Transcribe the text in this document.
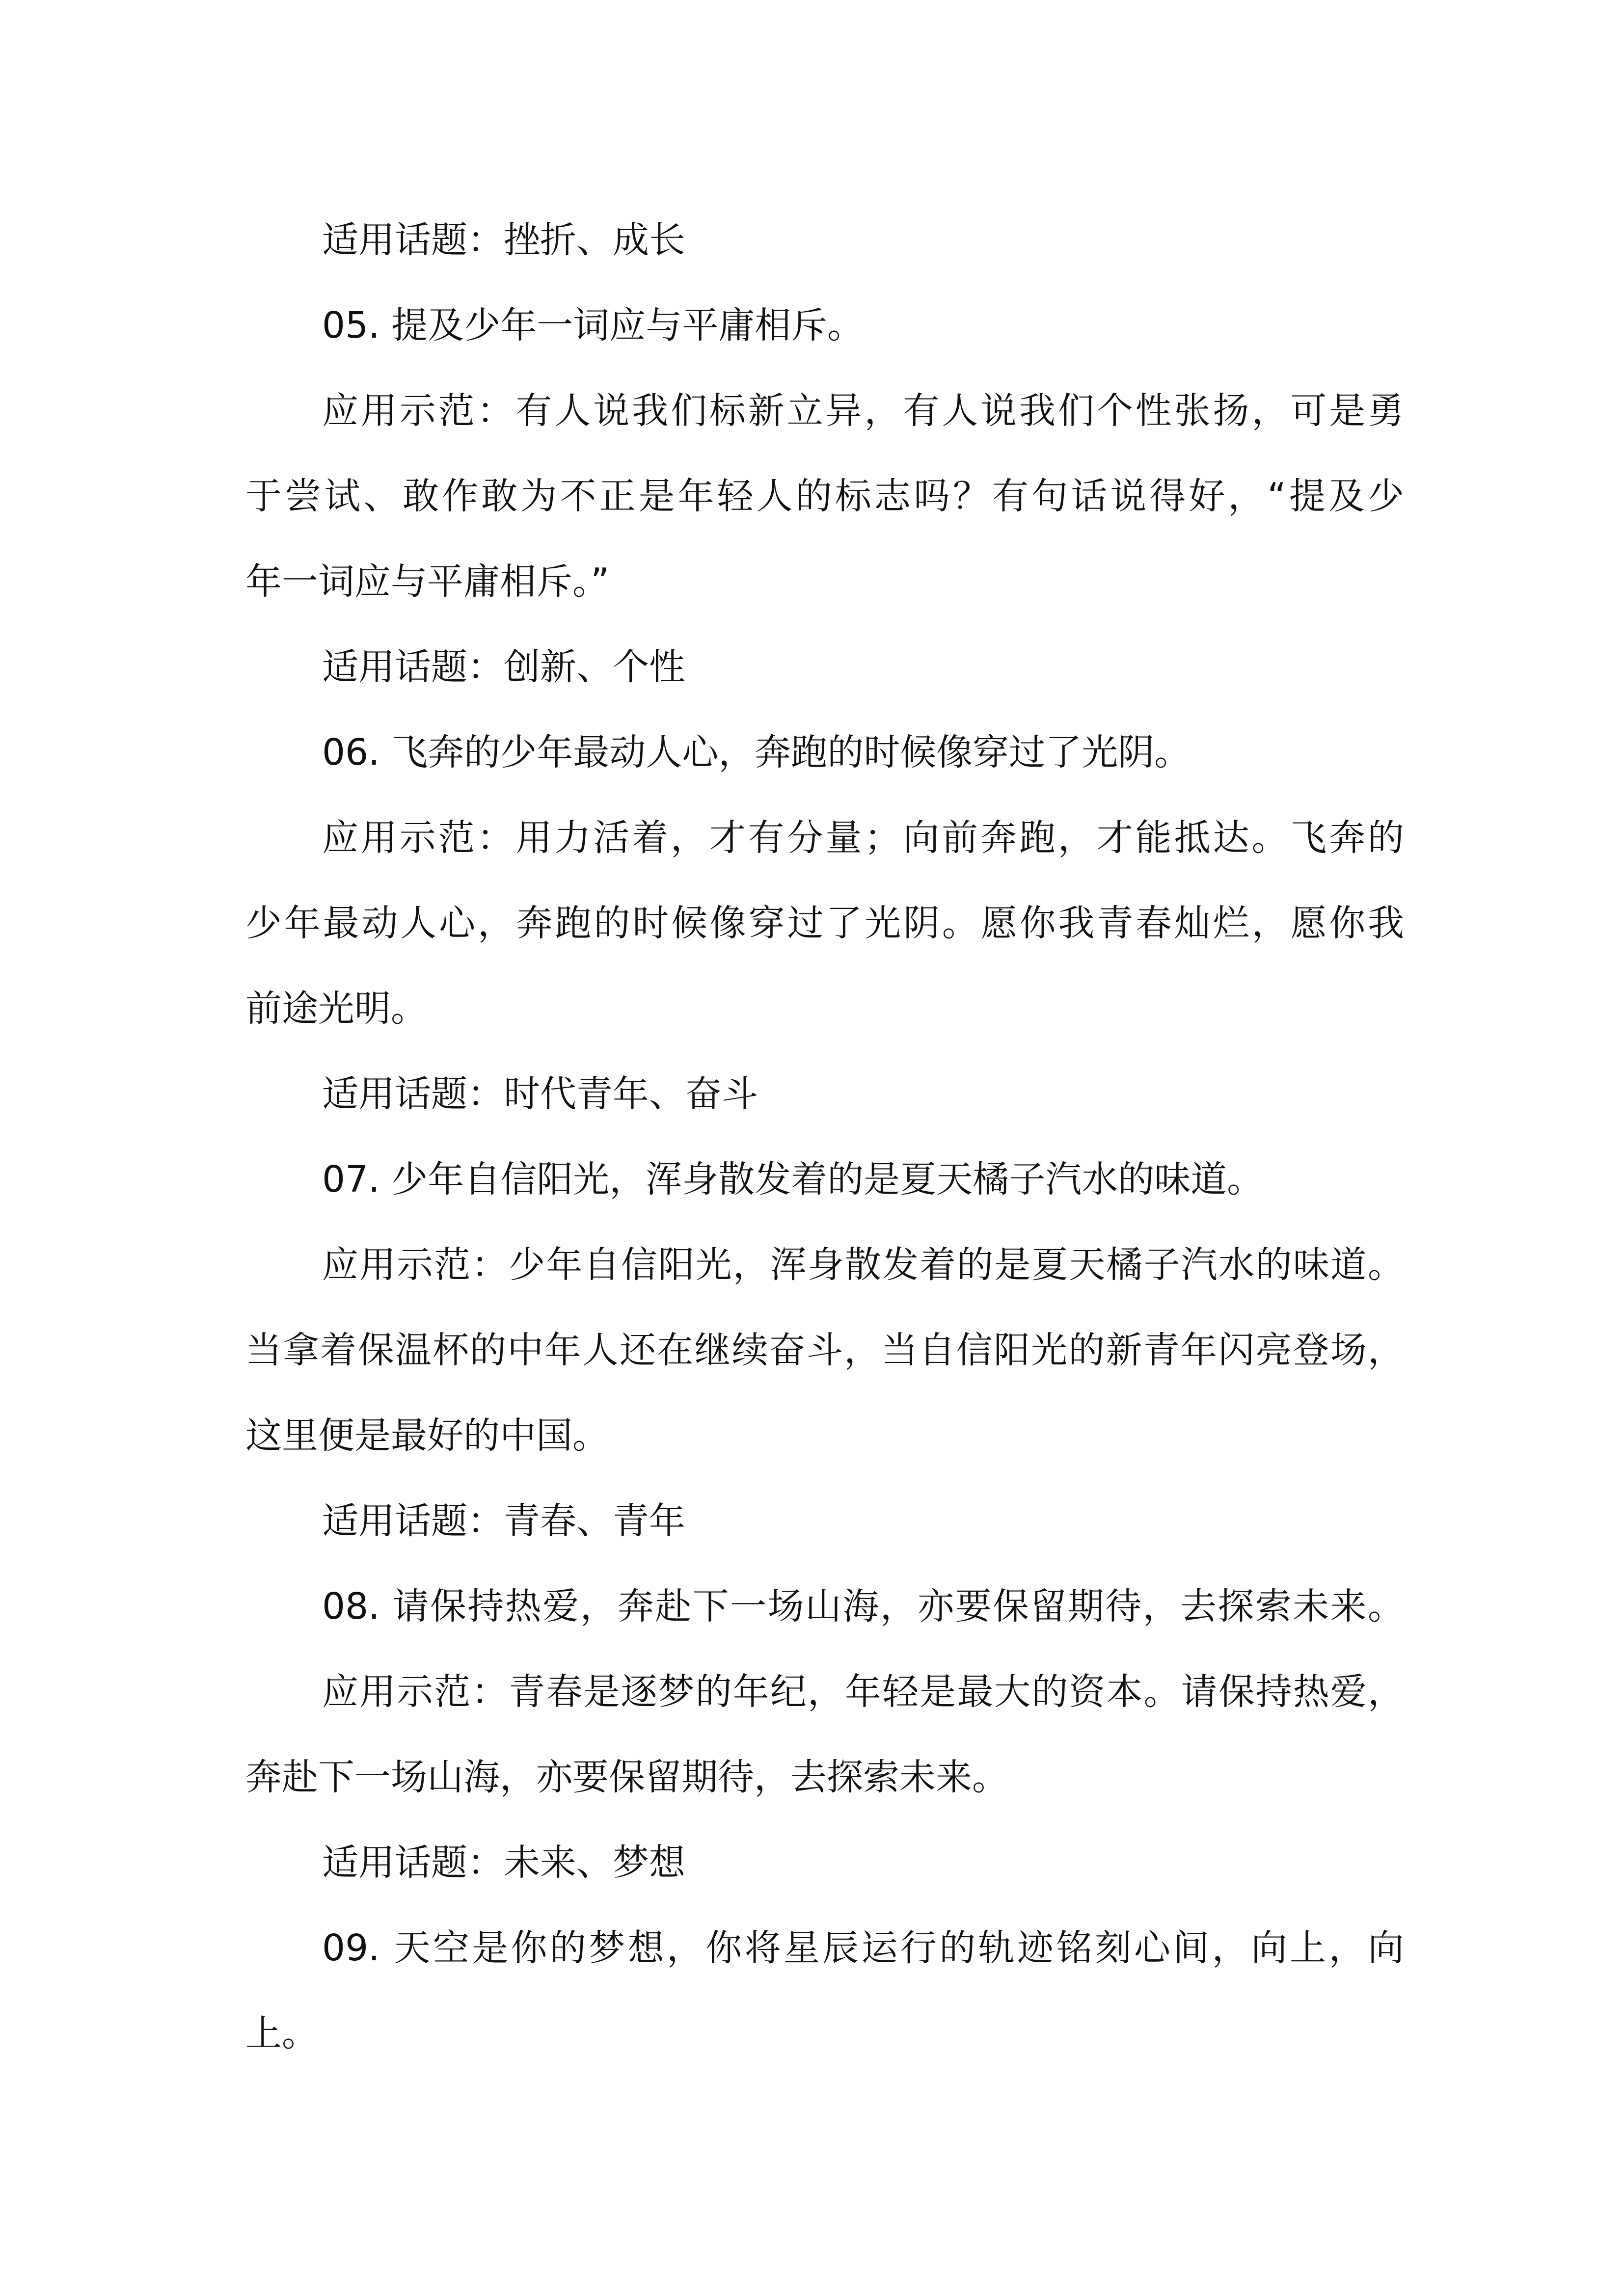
适用话题：挫折、成长
05. 提及少年一词应与平庸相斥。
应用示范：有人说我们标新立异，有人说我们个性张扬，可是勇
于尝试、敢作敢为不正是年轻人的标志吗？有句话说得好，“提及少
年一词应与平庸相斥。”
适用话题：创新、个性
06. 飞奔的少年最动人心，奔跑的时候像穿过了光阴。
应用示范：用力活着，才有分量；向前奔跑，才能抵达。飞奔的
少年最动人心，奔跑的时候像穿过了光阴。愿你我青春灿烂，愿你我
前途光明。
适用话题：时代青年、奋斗
07. 少年自信阳光，浑身散发着的是夏天橘子汽水的味道。
应用示范：少年自信阳光，浑身散发着的是夏天橘子汽水的味道。
当拿着保温杯的中年人还在继续奋斗，当自信阳光的新青年闪亮登场，
这里便是最好的中国。
适用话题：青春、青年
08. 请保持热爱，奔赴下一场山海，亦要保留期待，去探索未来。
应用示范：青春是逐梦的年纪，年轻是最大的资本。请保持热爱，
奔赴下一场山海，亦要保留期待，去探索未来。
适用话题：未来、梦想
09. 天空是你的梦想，你将星辰运行的轨迹铭刻心间，向上，向
上。
